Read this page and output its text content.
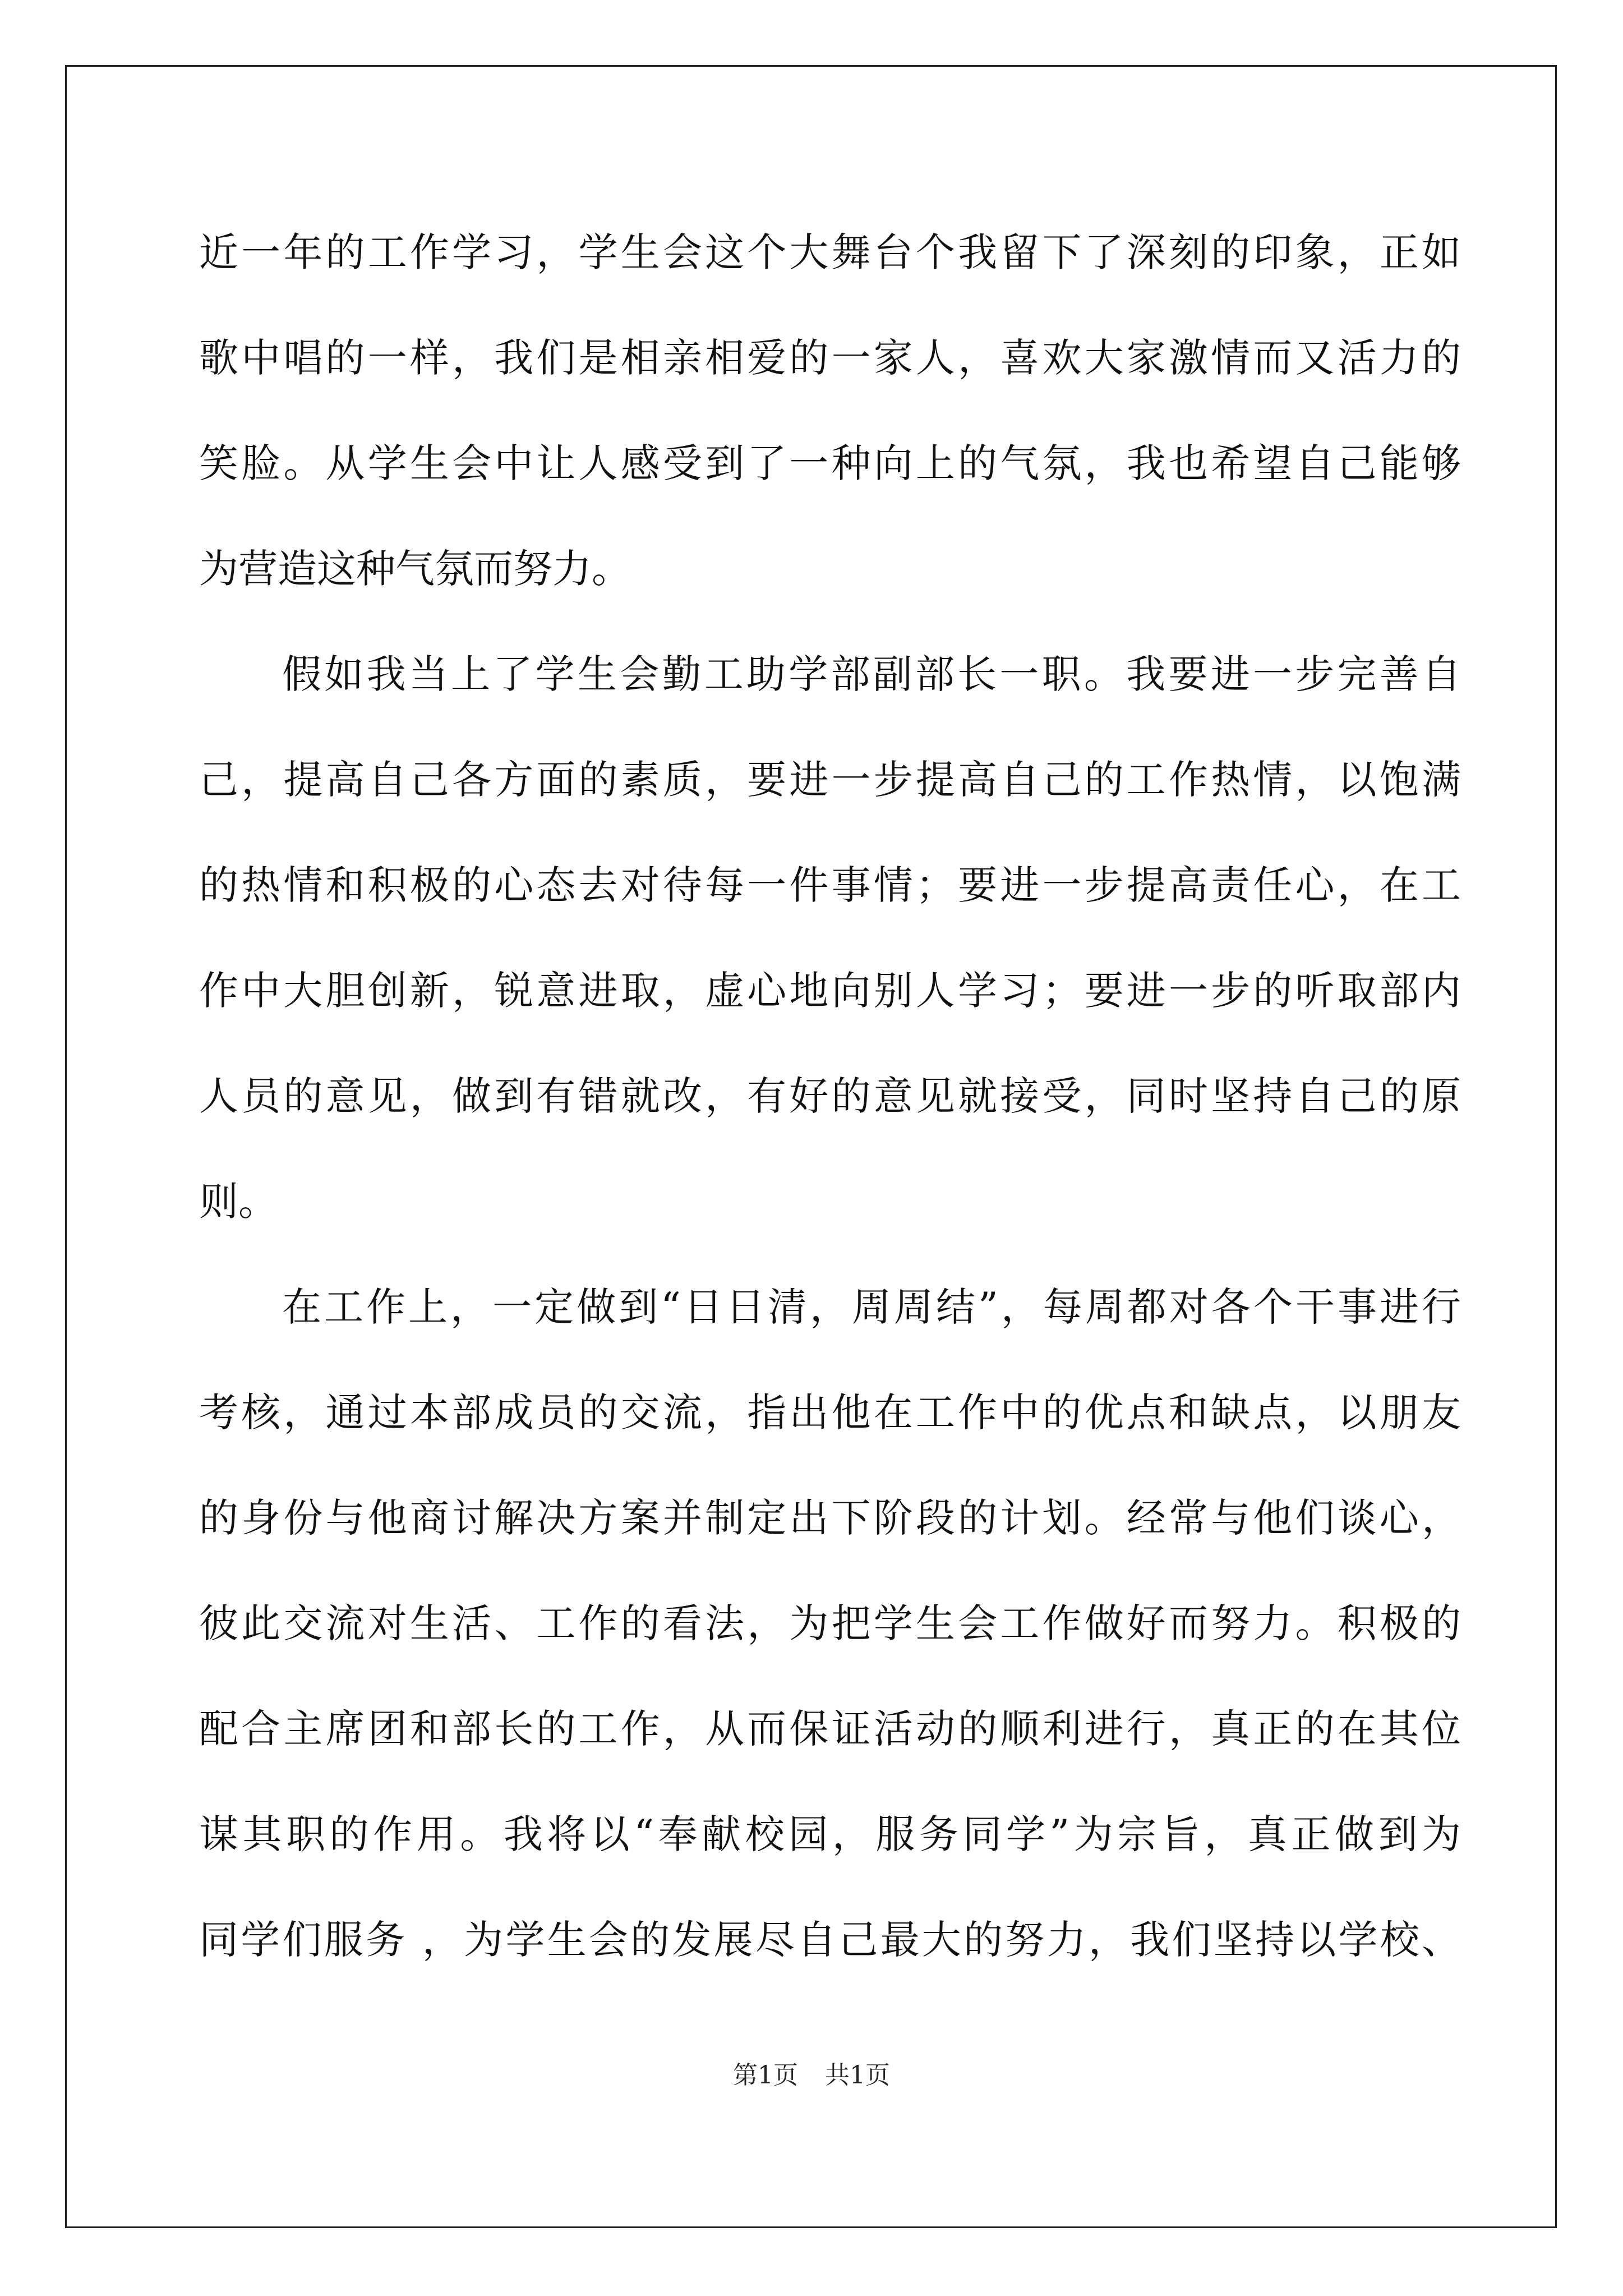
近一年的工作学习，学生会这个大舞台个我留下了深刻的印象，正如
歌中唱的一样，我们是相亲相爱的一家人，喜欢大家激情而又活力的
笑脸。从学生会中让人感受到了一种向上的气氛，我也希望自己能够
为营造这种气氛而努力。
假如我当上了学生会勤工助学部副部长一职。我要进一步完善自
己，提高自己各方面的素质，要进一步提高自己的工作热情，以饱满
的热情和积极的心态去对待每一件事情；要进一步提高责任心，在工
作中大胆创新，锐意进取，虚心地向别人学习；要进一步的听取部内
人员的意见，做到有错就改，有好的意见就接受，同时坚持自己的原
则。
在工作上，一定做到“日日清，周周结”，每周都对各个干事进行
考核，通过本部成员的交流，指出他在工作中的优点和缺点，以朋友
的身份与他商讨解决方案并制定出下阶段的计划。经常与他们谈心，
彼此交流对生活、工作的看法，为把学生会工作做好而努力。积极的
配合主席团和部长的工作，从而保证活动的顺利进行，真正的在其位
谋其职的作用。我将以“奉献校园，服务同学”为宗旨，真正做到为
同学们服务 ，为学生会的发展尽自己最大的努力，我们坚持以学校、
第1页 共1页
